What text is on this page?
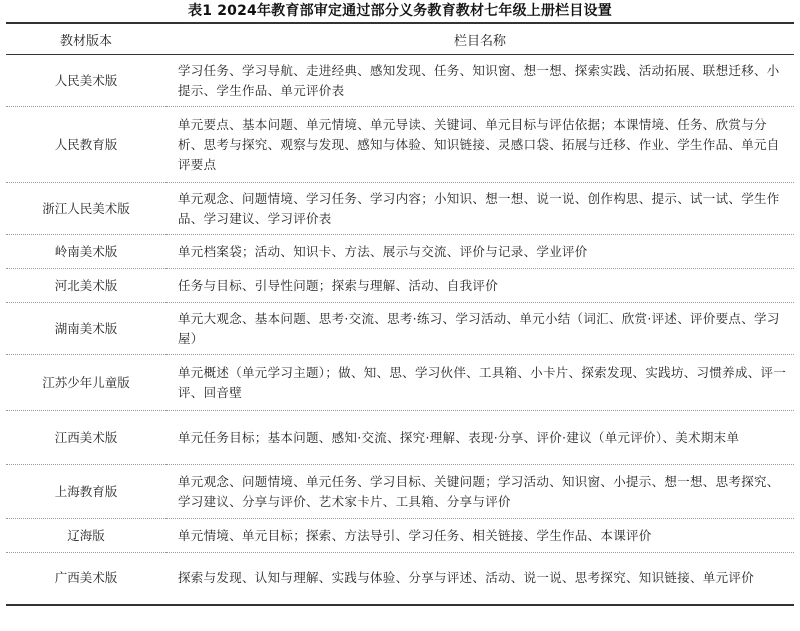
表1 2024年教育部审定通过部分义务教育教材七年级上册栏目设置
教材版本	栏目名称
人民美术版	学习任务、学习导航、走进经典、感知发现、任务、知识窗、想一想、探索实践、活动拓展、联想迁移、小提示、学生作品、单元评价表
人民教育版	单元要点、基本问题、单元情境、单元导读、关键词、单元目标与评估依据；本课情境、任务、欣赏与分析、思考与探究、观察与发现、感知与体验、知识链接、灵感口袋、拓展与迁移、作业、学生作品、单元自评要点
浙江人民美术版	单元观念、问题情境、学习任务、学习内容；小知识、想一想、说一说、创作构思、提示、试一试、学生作品、学习建议、学习评价表
岭南美术版	单元档案袋；活动、知识卡、方法、展示与交流、评价与记录、学业评价
河北美术版	任务与目标、引导性问题；探索与理解、活动、自我评价
湖南美术版	单元大观念、基本问题、思考·交流、思考·练习、学习活动、单元小结（词汇、欣赏·评述、评价要点、学习屋）
江苏少年儿童版	单元概述（单元学习主题）；做、知、思、学习伙伴、工具箱、小卡片、探索发现、实践坊、习惯养成、评一评、回音壁
江西美术版	单元任务目标；基本问题、感知·交流、探究·理解、表现·分享、评价·建议（单元评价）、美术期末单
上海教育版	单元观念、问题情境、单元任务、学习目标、关键问题；学习活动、知识窗、小提示、想一想、思考探究、学习建议、分享与评价、艺术家卡片、工具箱、分享与评价
辽海版	单元情境、单元目标；探索、方法导引、学习任务、相关链接、学生作品、本课评价
广西美术版	探索与发现、认知与理解、实践与体验、分享与评述、活动、说一说、思考探究、知识链接、单元评价
